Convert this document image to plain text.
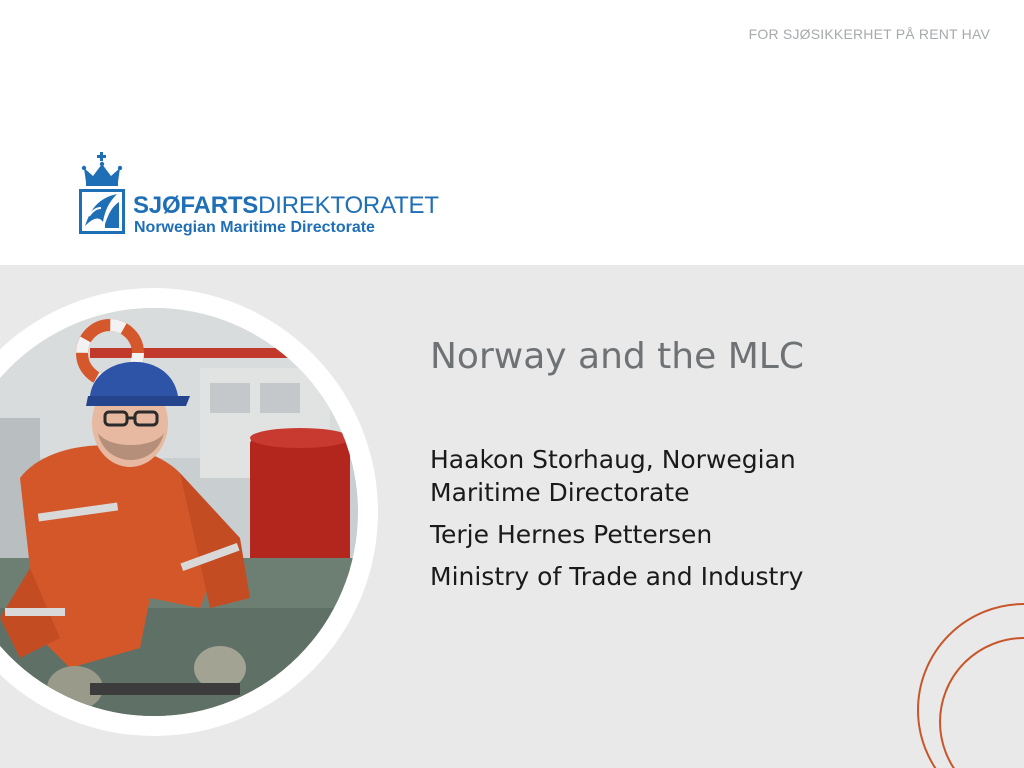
FOR SJØSIKKERHET PÅ RENT HAV
SJØFARTSDIREKTORATET
Norwegian Maritime Directorate
Norway and the MLC

Haakon Storhaug, Norwegian Maritime Directorate

Terje Hernes Pettersen

Ministry of Trade and Industry
